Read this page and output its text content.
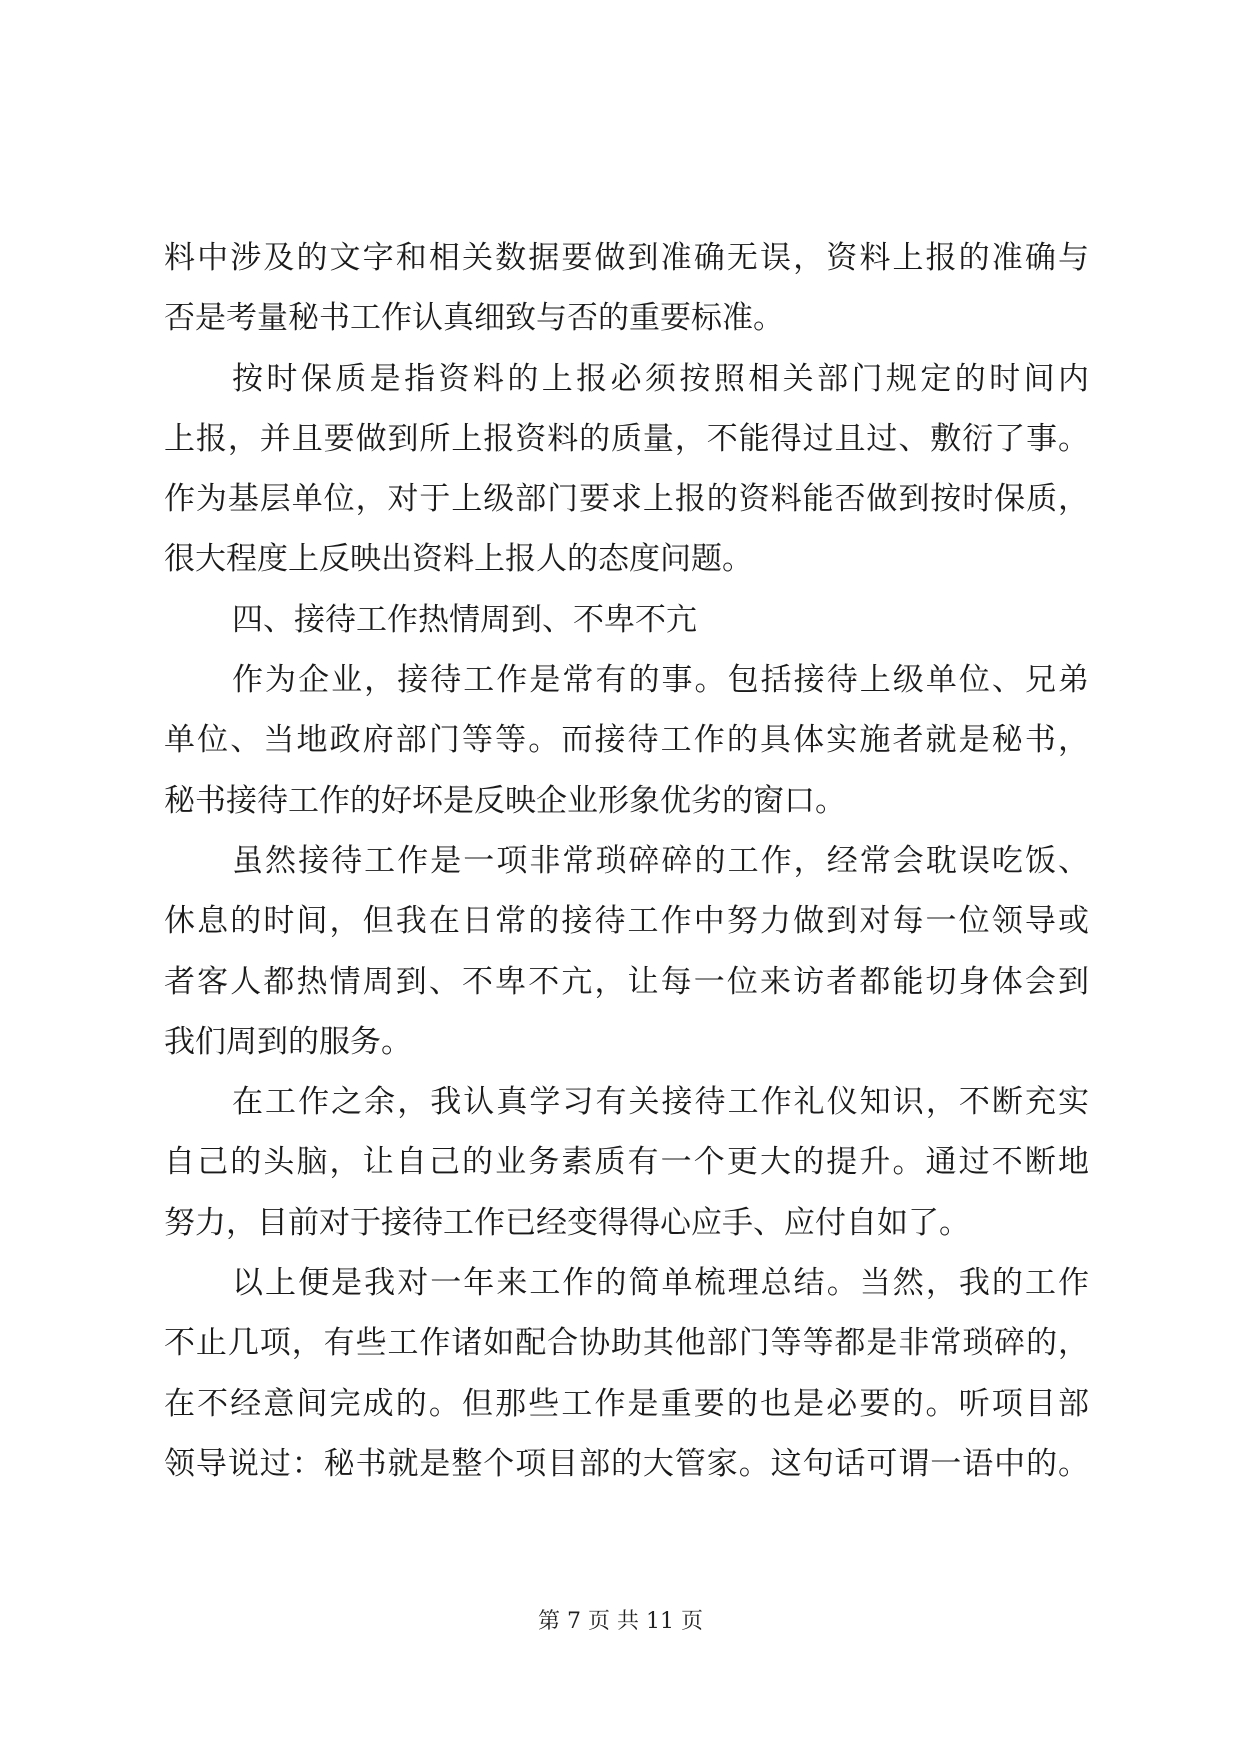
料中涉及的文字和相关数据要做到准确无误，资料上报的准确与
否是考量秘书工作认真细致与否的重要标准。
按时保质是指资料的上报必须按照相关部门规定的时间内
上报，并且要做到所上报资料的质量，不能得过且过、敷衍了事。
作为基层单位，对于上级部门要求上报的资料能否做到按时保质，
很大程度上反映出资料上报人的态度问题。
四、接待工作热情周到、不卑不亢
作为企业，接待工作是常有的事。包括接待上级单位、兄弟
单位、当地政府部门等等。而接待工作的具体实施者就是秘书，
秘书接待工作的好坏是反映企业形象优劣的窗口。
虽然接待工作是一项非常琐碎碎的工作，经常会耽误吃饭、
休息的时间，但我在日常的接待工作中努力做到对每一位领导或
者客人都热情周到、不卑不亢，让每一位来访者都能切身体会到
我们周到的服务。
在工作之余，我认真学习有关接待工作礼仪知识，不断充实
自己的头脑，让自己的业务素质有一个更大的提升。通过不断地
努力，目前对于接待工作已经变得得心应手、应付自如了。
以上便是我对一年来工作的简单梳理总结。当然，我的工作
不止几项，有些工作诸如配合协助其他部门等等都是非常琐碎的，
在不经意间完成的。但那些工作是重要的也是必要的。听项目部
领导说过：秘书就是整个项目部的大管家。这句话可谓一语中的。
第 7 页 共 11 页
